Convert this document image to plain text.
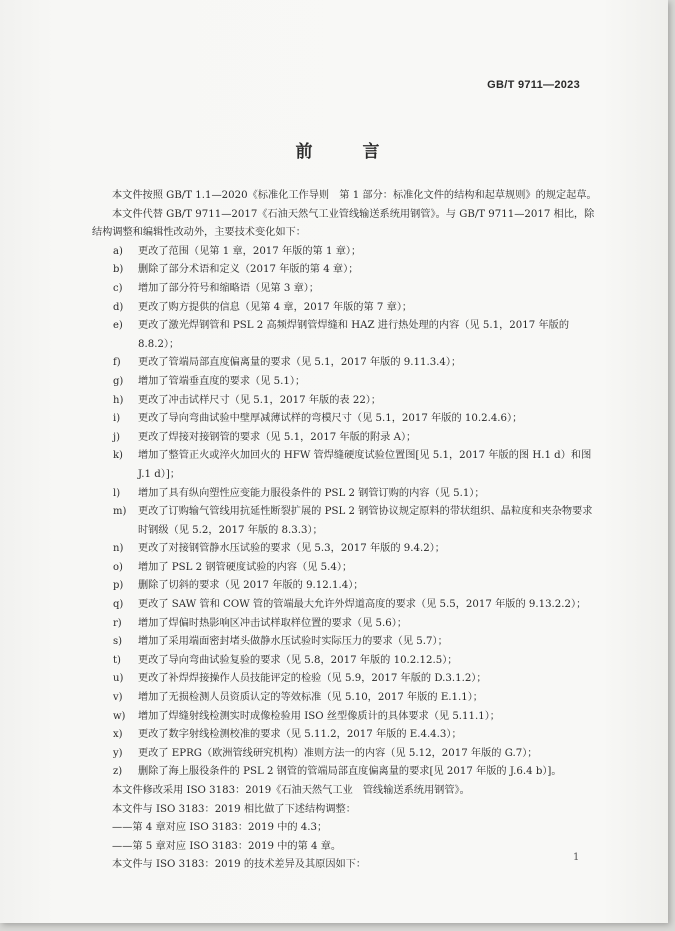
GB/T 9711—2023
前 言

本文件按照 GB/T 1.1—2020《标准化工作导则　第 1 部分：标准化文件的结构和起草规则》的规定起草。

本文件代替 GB/T 9711—2017《石油天然气工业管线输送系统用钢管》。与 GB/T 9711—2017 相比，除结构调整和编辑性改动外，主要技术变化如下：

a) 更改了范围（见第 1 章，2017 年版的第 1 章）；

b) 删除了部分术语和定义（2017 年版的第 4 章）；

c) 增加了部分符号和缩略语（见第 3 章）；

d) 更改了购方提供的信息（见第 4 章，2017 年版的第 7 章）；

e) 更改了激光焊钢管和 PSL 2 高频焊钢管焊缝和 HAZ 进行热处理的内容（见 5.1，2017 年版的 8.8.2）；

f) 更改了管端局部直度偏离量的要求（见 5.1，2017 年版的 9.11.3.4）；

g) 增加了管端垂直度的要求（见 5.1）；

h) 更改了冲击试样尺寸（见 5.1，2017 年版的表 22）；

i) 更改了导向弯曲试验中壁厚减薄试样的弯模尺寸（见 5.1，2017 年版的 10.2.4.6）；

j) 更改了焊接对接钢管的要求（见 5.1，2017 年版的附录 A）；

k) 增加了整管正火或淬火加回火的 HFW 管焊缝硬度试验位置图[见 5.1，2017 年版的图 H.1 d）和图 J.1 d）]；

l) 增加了具有纵向塑性应变能力服役条件的 PSL 2 钢管订购的内容（见 5.1）；

m) 更改了订购输气管线用抗延性断裂扩展的 PSL 2 钢管协议规定原料的带状组织、晶粒度和夹杂物要求时钢级（见 5.2，2017 年版的 8.3.3）；

n) 更改了对接钢管静水压试验的要求（见 5.3，2017 年版的 9.4.2）；

o) 增加了 PSL 2 钢管硬度试验的内容（见 5.4）；

p) 删除了切斜的要求（见 2017 年版的 9.12.1.4）；

q) 更改了 SAW 管和 COW 管的管端最大允许外焊道高度的要求（见 5.5，2017 年版的 9.13.2.2）；

r) 增加了焊偏时热影响区冲击试样取样位置的要求（见 5.6）；

s) 增加了采用端面密封堵头做静水压试验时实际压力的要求（见 5.7）；

t) 更改了导向弯曲试验复验的要求（见 5.8，2017 年版的 10.2.12.5）；

u) 更改了补焊焊接操作人员技能评定的检验（见 5.9，2017 年版的 D.3.1.2）；

v) 增加了无损检测人员资质认定的等效标准（见 5.10，2017 年版的 E.1.1）；

w) 增加了焊缝射线检测实时成像检验用 ISO 丝型像质计的具体要求（见 5.11.1）；

x) 更改了数字射线检测校准的要求（见 5.11.2，2017 年版的 E.4.4.3）；

y) 更改了 EPRG（欧洲管线研究机构）准则方法一的内容（见 5.12，2017 年版的 G.7）；

z) 删除了海上服役条件的 PSL 2 钢管的管端局部直度偏离量的要求[见 2017 年版的 J.6.4 b）]。

本文件修改采用 ISO 3183：2019《石油天然气工业　管线输送系统用钢管》。

本文件与 ISO 3183：2019 相比做了下述结构调整：

——第 4 章对应 ISO 3183：2019 中的 4.3；

——第 5 章对应 ISO 3183：2019 中的第 4 章。

本文件与 ISO 3183：2019 的技术差异及其原因如下：

1
